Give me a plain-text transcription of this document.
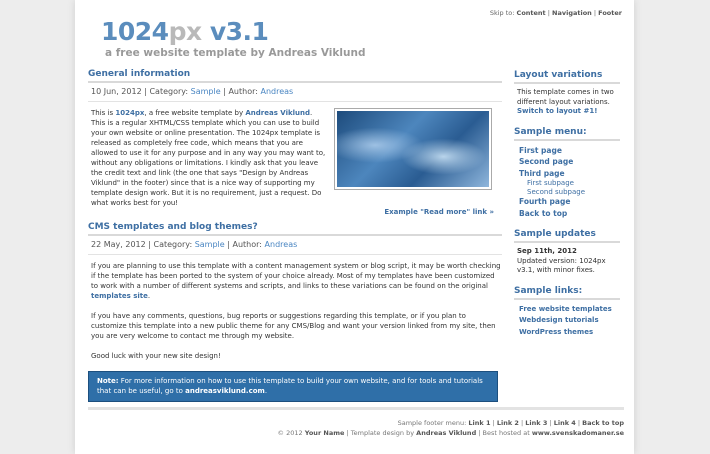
Skip to: Content | Navigation | Footer
1024px v3.1
a free website template by Andreas Viklund
General information
10 Jun, 2012 | Category: Sample | Author: Andreas

This is 1024px, a free website template by Andreas Viklund. This is a regular XHTML/CSS template which you can use to build your own website or online presentation. The 1024px template is released as completely free code, which means that you are allowed to use it for any purpose and in any way you may want to, without any obligations or limitations. I kindly ask that you leave the credit text and link (the one that says "Design by Andreas Viklund" in the footer) since that is a nice way of supporting my template design work. But it is no requirement, just a request. Do what works best for you!

Example "Read more" link »
CMS templates and blog themes?
22 May, 2012 | Category: Sample | Author: Andreas

If you are planning to use this template with a content management system or blog script, it may be worth checking if the template has been ported to the system of your choice already. Most of my templates have been customized to work with a number of different systems and scripts, and links to these variations can be found on the original templates site.

If you have any comments, questions, bug reports or suggestions regarding this template, or if you plan to customize this template into a new public theme for any CMS/Blog and want your version linked from my site, then you are very welcome to contact me through my website.

Good luck with your new site design!

Note: For more information on how to use this template to build your own website, and for tools and tutorials that can be useful, go to andreasviklund.com.
Layout variations

This template comes in two different layout variations.
Switch to layout #1!

Sample menu:
First page
Second page
Third page
First subpage
Second subpage
Fourth page
Back to top
Sample updates

Sep 11th, 2012
Updated version: 1024px v3.1, with minor fixes.

Sample links:
Free website templates
Webdesign tutorials
WordPress themes
Sample footer menu: Link 1 | Link 2 | Link 3 | Link 4 | Back to top
© 2012 Your Name | Template design by Andreas Viklund | Best hosted at www.svenskadomaner.se
